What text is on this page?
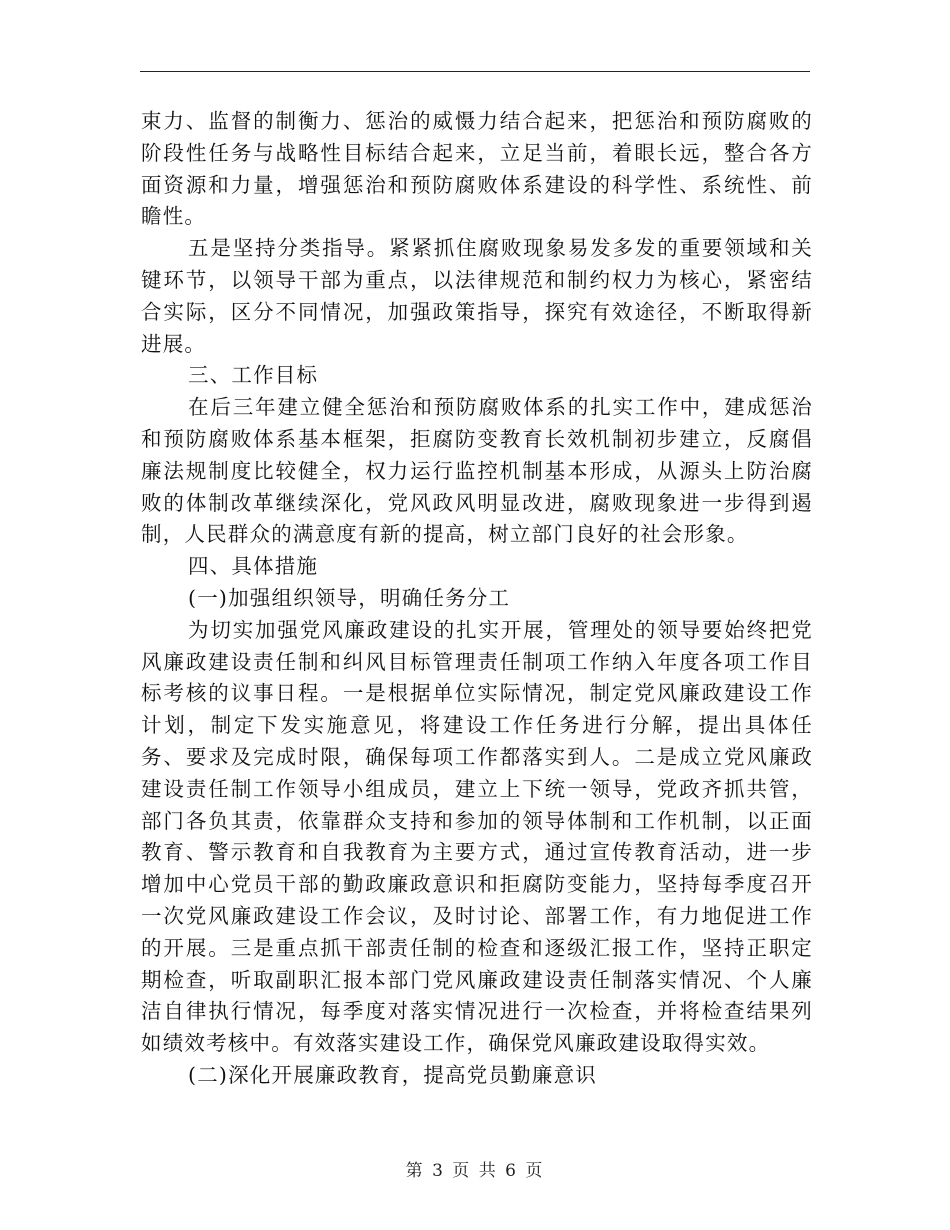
束力、监督的制衡力、惩治的威慑力结合起来，把惩治和预防腐败的阶段性任务与战略性目标结合起来，立足当前，着眼长远，整合各方面资源和力量，增强惩治和预防腐败体系建设的科学性、系统性、前瞻性。

五是坚持分类指导。紧紧抓住腐败现象易发多发的重要领域和关键环节，以领导干部为重点，以法律规范和制约权力为核心，紧密结合实际，区分不同情况，加强政策指导，探究有效途径，不断取得新进展。

三、工作目标

在后三年建立健全惩治和预防腐败体系的扎实工作中，建成惩治和预防腐败体系基本框架，拒腐防变教育长效机制初步建立，反腐倡廉法规制度比较健全，权力运行监控机制基本形成，从源头上防治腐败的体制改革继续深化，党风政风明显改进，腐败现象进一步得到遏制，人民群众的满意度有新的提高，树立部门良好的社会形象。

四、具体措施

(一)加强组织领导，明确任务分工

为切实加强党风廉政建设的扎实开展，管理处的领导要始终把党风廉政建设责任制和纠风目标管理责任制项工作纳入年度各项工作目标考核的议事日程。一是根据单位实际情况，制定党风廉政建设工作计划，制定下发实施意见，将建设工作任务进行分解，提出具体任务、要求及完成时限，确保每项工作都落实到人。二是成立党风廉政建设责任制工作领导小组成员，建立上下统一领导，党政齐抓共管，部门各负其责，依靠群众支持和参加的领导体制和工作机制，以正面教育、警示教育和自我教育为主要方式，通过宣传教育活动，进一步增加中心党员干部的勤政廉政意识和拒腐防变能力，坚持每季度召开一次党风廉政建设工作会议，及时讨论、部署工作，有力地促进工作的开展。三是重点抓干部责任制的检查和逐级汇报工作，坚持正职定期检查，听取副职汇报本部门党风廉政建设责任制落实情况、个人廉洁自律执行情况，每季度对落实情况进行一次检查，并将检查结果列如绩效考核中。有效落实建设工作，确保党风廉政建设取得实效。

(二)深化开展廉政教育，提高党员勤廉意识

第 3 页 共 6 页
